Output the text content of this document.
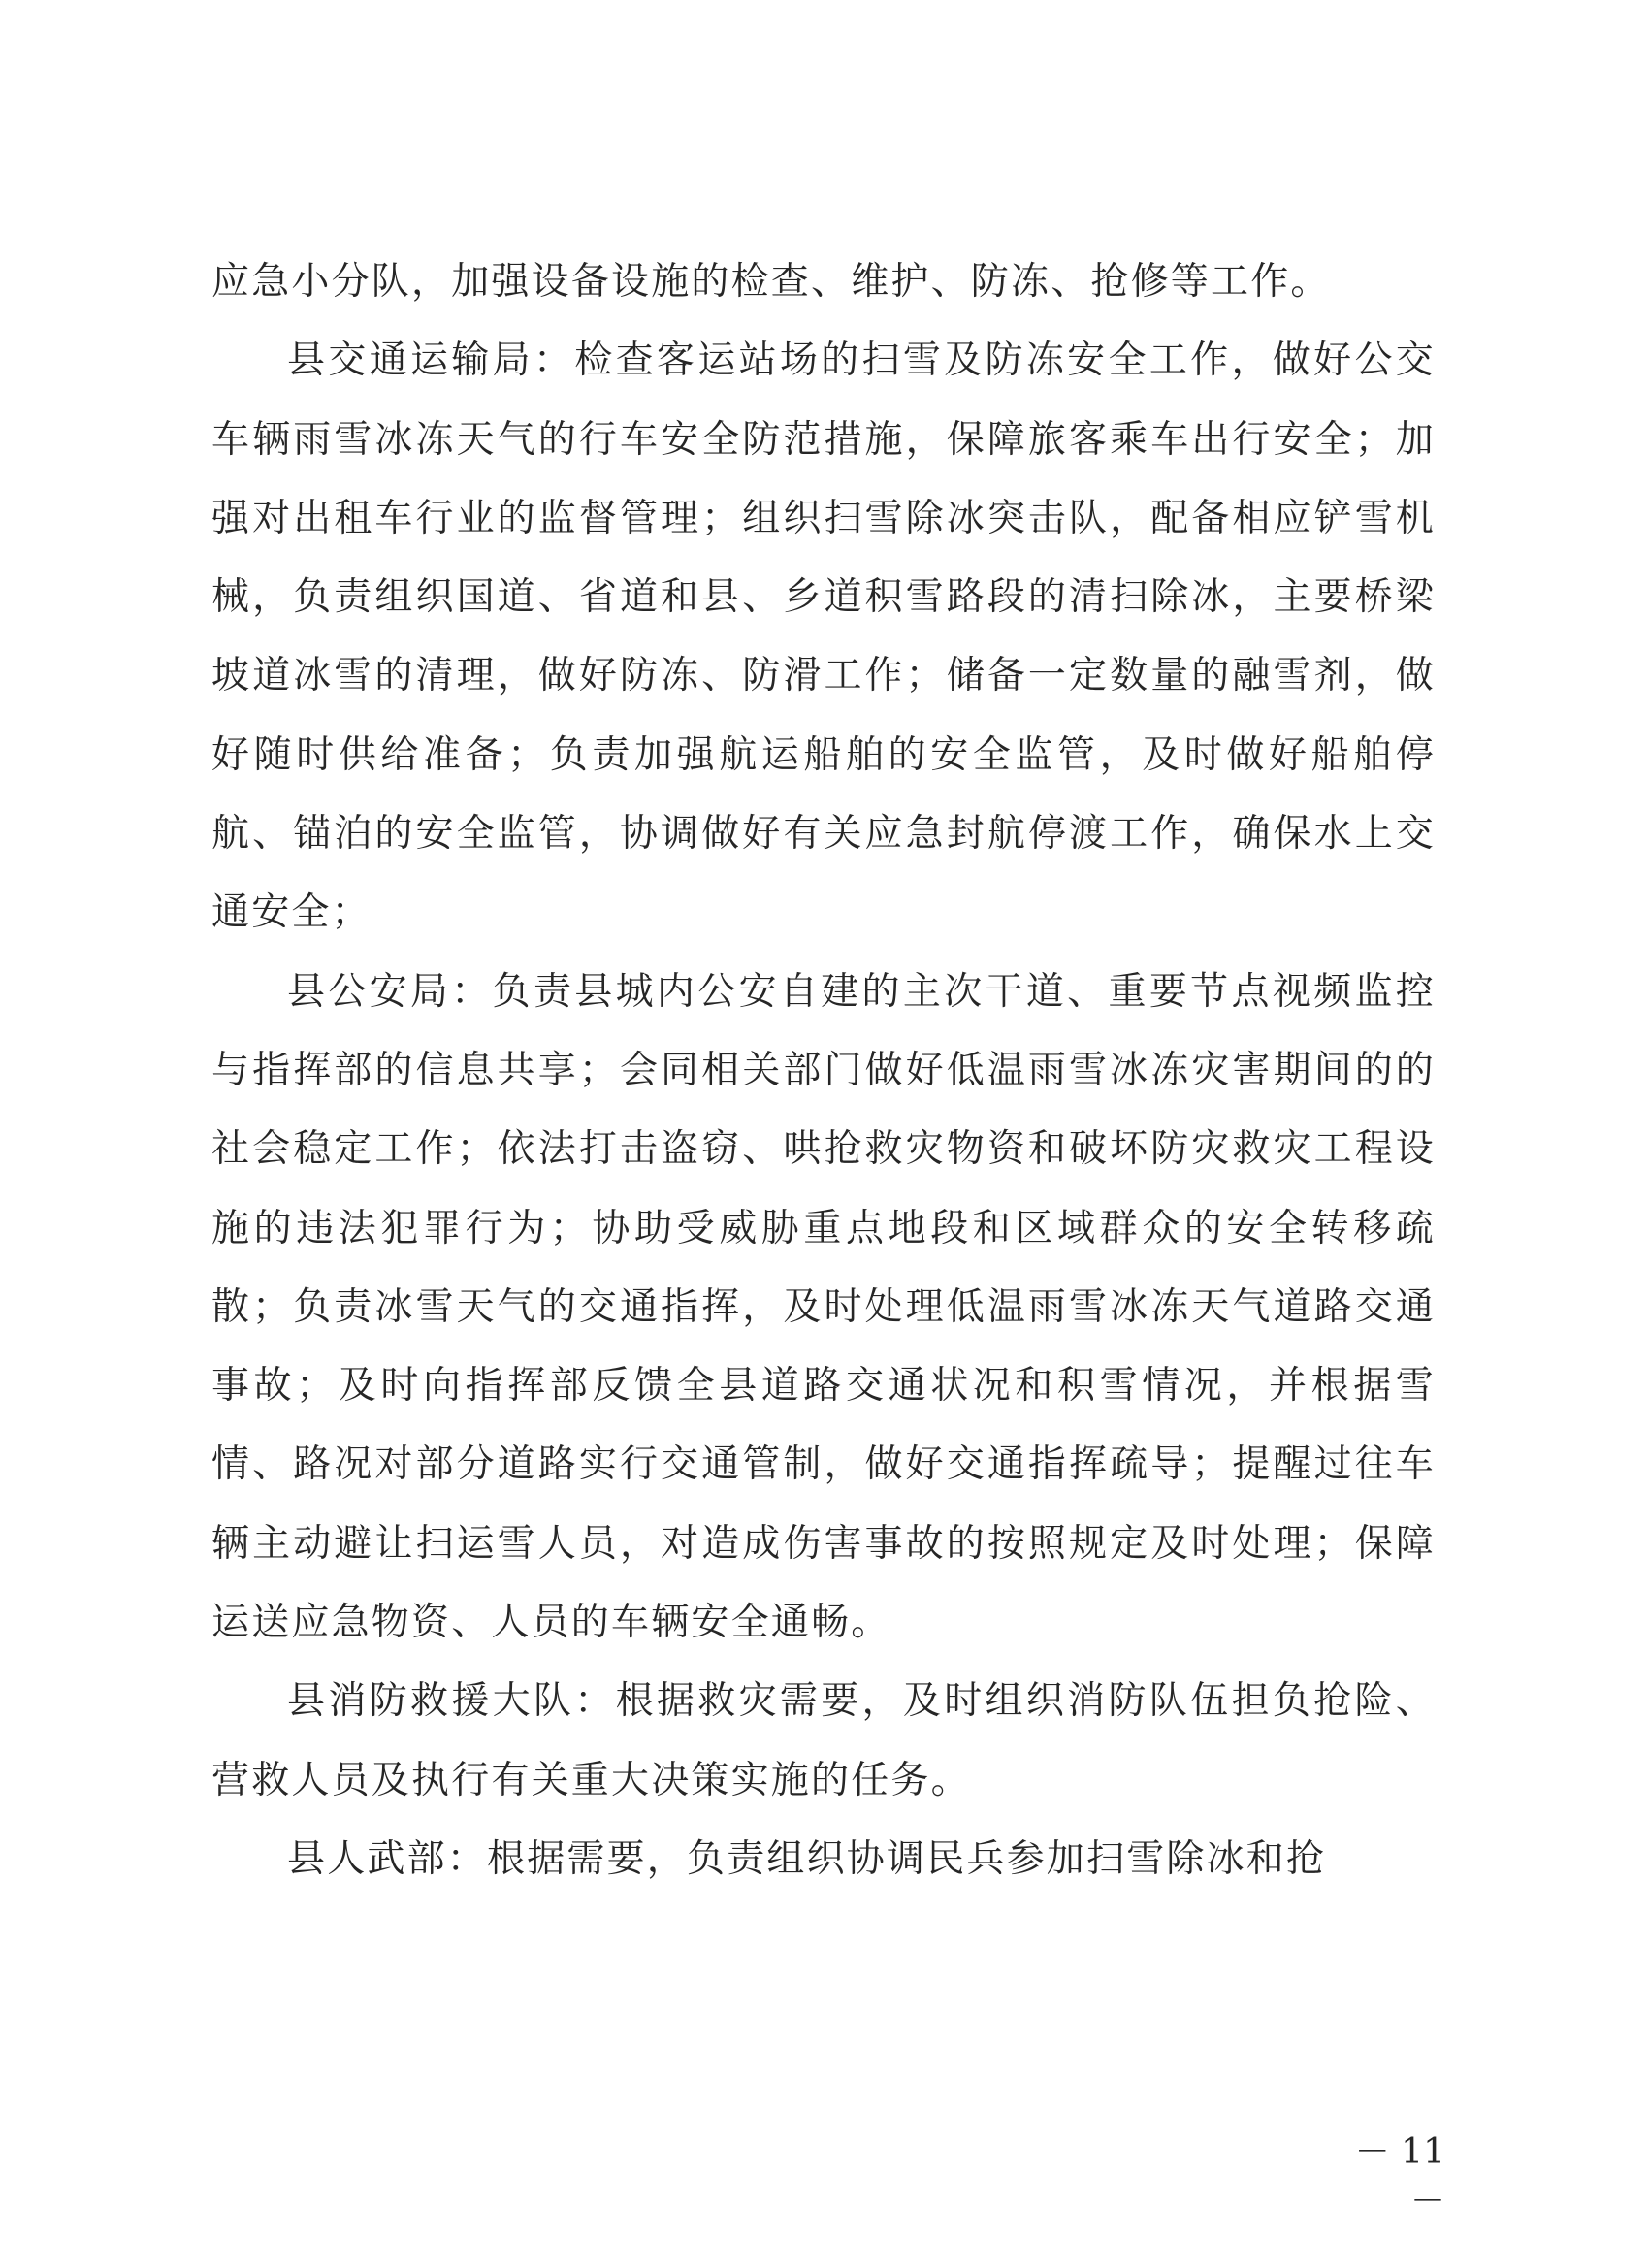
应急小分队，加强设备设施的检查、维护、防冻、抢修等工作。

县交通运输局：检查客运站场的扫雪及防冻安全工作，做好公交车辆雨雪冰冻天气的行车安全防范措施，保障旅客乘车出行安全；加强对出租车行业的监督管理；组织扫雪除冰突击队，配备相应铲雪机械，负责组织国道、省道和县、乡道积雪路段的清扫除冰，主要桥梁坡道冰雪的清理，做好防冻、防滑工作；储备一定数量的融雪剂，做好随时供给准备；负责加强航运船舶的安全监管，及时做好船舶停航、锚泊的安全监管，协调做好有关应急封航停渡工作，确保水上交通安全；

县公安局：负责县城内公安自建的主次干道、重要节点视频监控与指挥部的信息共享；会同相关部门做好低温雨雪冰冻灾害期间的的社会稳定工作；依法打击盗窃、哄抢救灾物资和破坏防灾救灾工程设施的违法犯罪行为；协助受威胁重点地段和区域群众的安全转移疏散；负责冰雪天气的交通指挥，及时处理低温雨雪冰冻天气道路交通事故；及时向指挥部反馈全县道路交通状况和积雪情况，并根据雪情、路况对部分道路实行交通管制，做好交通指挥疏导；提醒过往车辆主动避让扫运雪人员，对造成伤害事故的按照规定及时处理；保障运送应急物资、人员的车辆安全通畅。

县消防救援大队：根据救灾需要，及时组织消防队伍担负抢险、营救人员及执行有关重大决策实施的任务。

县人武部：根据需要，负责组织协调民兵参加扫雪除冰和抢

－ 11 －
